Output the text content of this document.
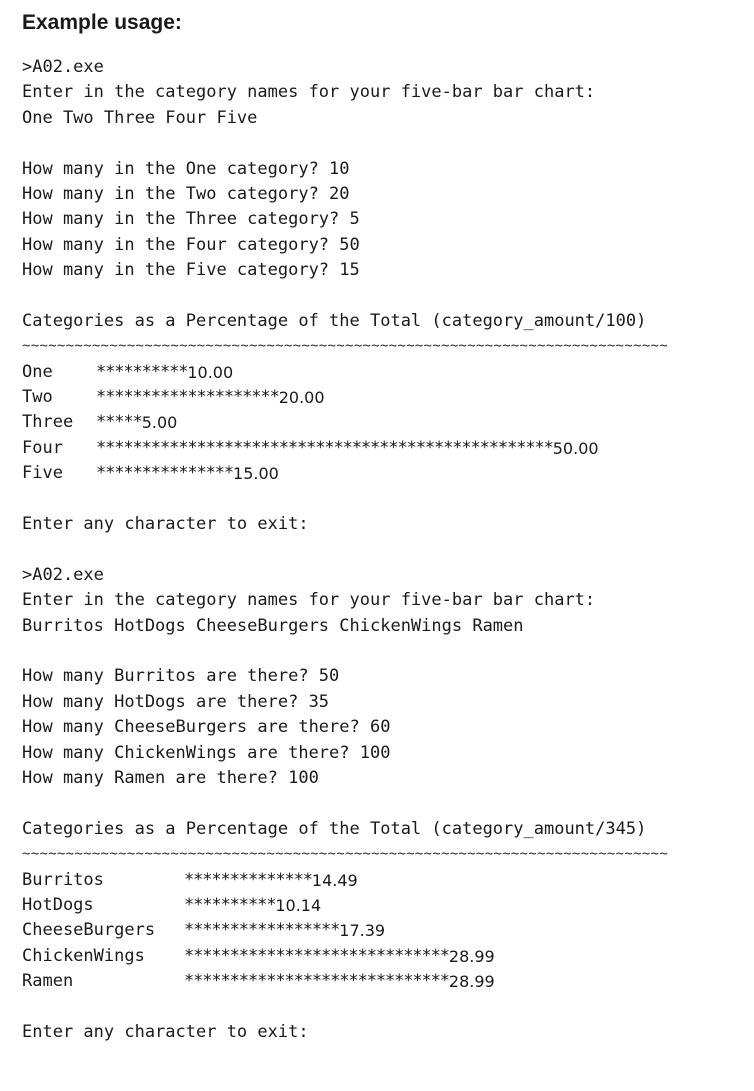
Example usage:
>A02.exe
Enter in the category names for your five-bar bar chart:
One Two Three Four Five
How many in the One category? 10
How many in the Two category? 20
How many in the Three category? 5
How many in the Four category? 50
How many in the Five category? 15
Categories as a Percentage of the Total (category_amount/100)
~~~~~~~~~~~~~~~~~~~~~~~~~~~~~~~~~~~~~~~~~~~~~~~~~~~~~~~~~~~~~~~~~~~~~~~~~~
One	********** 10.00
Two	******************** 20.00
Three	***** 5.00
Four	************************************************** 50.00
Five	*************** 15.00
Enter any character to exit:
>A02.exe
Enter in the category names for your five-bar bar chart:
Burritos HotDogs CheeseBurgers ChickenWings Ramen
How many Burritos are there? 50
How many HotDogs are there? 35
How many CheeseBurgers are there? 60
How many ChickenWings are there? 100
How many Ramen are there? 100
Categories as a Percentage of the Total (category_amount/345)
~~~~~~~~~~~~~~~~~~~~~~~~~~~~~~~~~~~~~~~~~~~~~~~~~~~~~~~~~~~~~~~~~~~~~~~~~~
Burritos	************** 14.49
HotDogs	********** 10.14
CheeseBurgers	***************** 17.39
ChickenWings	***************************** 28.99
Ramen	***************************** 28.99
Enter any character to exit:
